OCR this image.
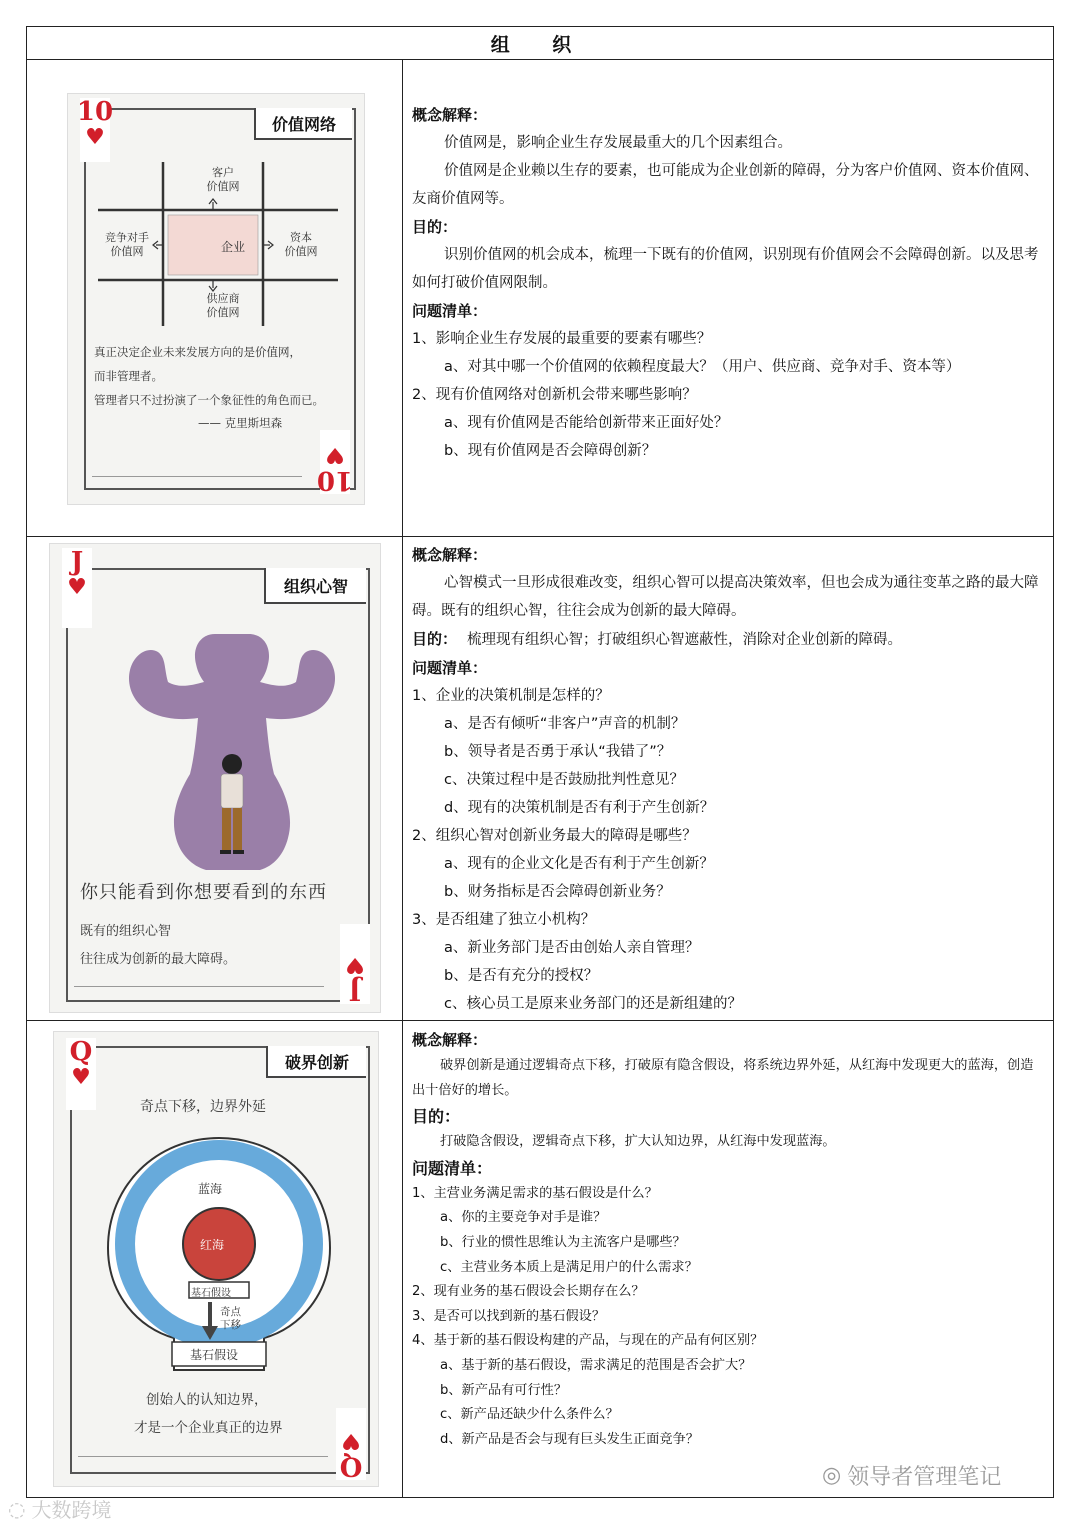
组 织
10
♥
10
♥
价值网络
客户
价值网
竞争对手
价值网	企业
资本
价值网
供应商
价值网
真正决定企业未来发展方向的是价值网，
而非管理者。
管理者只不过扮演了一个象征性的角色而已。
—— 克里斯坦森
概念解释：
价值网是，影响企业生存发展最重大的几个因素组合。
价值网是企业赖以生存的要素，也可能成为企业创新的障碍，分为客户价值网、资本价值网、友商价值网等。
目的：
识别价值网的机会成本，梳理一下既有的价值网，识别现有价值网会不会障碍创新。以及思考如何打破价值网限制。
问题清单：
1、影响企业生存发展的最重要的要素有哪些？
a、对其中哪一个价值网的依赖程度最大？（用户、供应商、竞争对手、资本等）
2、现有价值网络对创新机会带来哪些影响？
a、现有价值网是否能给创新带来正面好处？
b、现有价值网是否会障碍创新？
J
♥
J
♥
组织心智
你只能看到你想要看到的东西
既有的组织心智
往往成为创新的最大障碍。
概念解释：
心智模式一旦形成很难改变，组织心智可以提高决策效率，但也会成为通往变革之路的最大障碍。既有的组织心智，往往会成为创新的最大障碍。
目的： 梳理现有组织心智；打破组织心智遮蔽性，消除对企业创新的障碍。
问题清单：
1、企业的决策机制是怎样的？
a、是否有倾听“非客户”声音的机制？
b、领导者是否勇于承认“我错了”？
c、决策过程中是否鼓励批判性意见？
d、现有的决策机制是否有利于产生创新？
2、组织心智对创新业务最大的障碍是哪些？
a、现有的企业文化是否有利于产生创新？
b、财务指标是否会障碍创新业务？
3、是否组建了独立小机构？
a、新业务部门是否由创始人亲自管理？
b、是否有充分的授权？
c、核心员工是原来业务部门的还是新组建的？
Q
♥
Q
♥
破界创新
奇点下移，边界外延
蓝海
红海
基石假设
奇点
下移
基石假设
创始人的认知边界，
才是一个企业真正的边界
概念解释：
破界创新是通过逻辑奇点下移，打破原有隐含假设，将系统边界外延，从红海中发现更大的蓝海，创造出十倍好的增长。
目的：
打破隐含假设，逻辑奇点下移，扩大认知边界，从红海中发现蓝海。
问题清单：
1、主营业务满足需求的基石假设是什么？
a、你的主要竞争对手是谁？
b、行业的惯性思维认为主流客户是哪些？
c、主营业务本质上是满足用户的什么需求？
2、现有业务的基石假设会长期存在么？
3、是否可以找到新的基石假设？
4、基于新的基石假设构建的产品，与现在的产品有何区别？
a、基于新的基石假设，需求满足的范围是否会扩大？
b、新产品有可行性？
c、新产品还缺少什么条件么？
d、新产品是否会与现有巨头发生正面竞争？
◎ 领导者管理笔记
◌ 大数跨境
